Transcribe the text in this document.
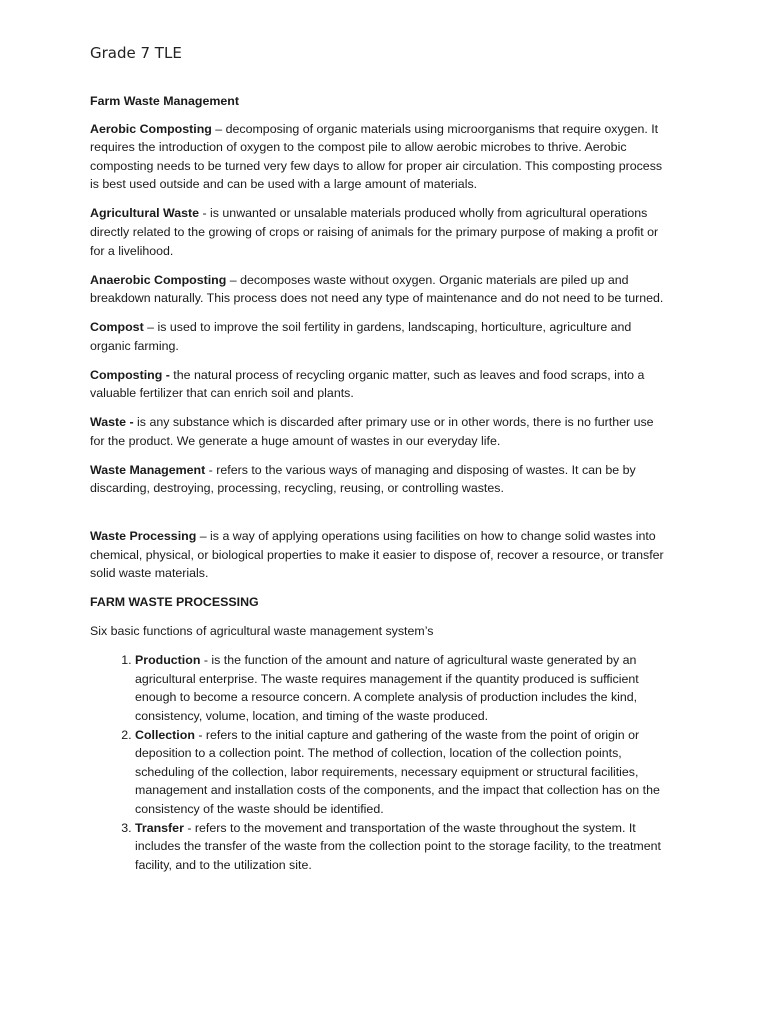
Grade 7 TLE

Farm Waste Management

Aerobic Composting – decomposing of organic materials using microorganisms that require oxygen. It requires the introduction of oxygen to the compost pile to allow aerobic microbes to thrive. Aerobic composting needs to be turned very few days to allow for proper air circulation. This composting process is best used outside and can be used with a large amount of materials.

Agricultural Waste - is unwanted or unsalable materials produced wholly from agricultural operations directly related to the growing of crops or raising of animals for the primary purpose of making a profit or for a livelihood.

Anaerobic Composting – decomposes waste without oxygen. Organic materials are piled up and breakdown naturally. This process does not need any type of maintenance and do not need to be turned.

Compost – is used to improve the soil fertility in gardens, landscaping, horticulture, agriculture and organic farming.

Composting - the natural process of recycling organic matter, such as leaves and food scraps, into a valuable fertilizer that can enrich soil and plants.

Waste - is any substance which is discarded after primary use or in other words, there is no further use for the product. We generate a huge amount of wastes in our everyday life.

Waste Management - refers to the various ways of managing and disposing of wastes. It can be by discarding, destroying, processing, recycling, reusing, or controlling wastes.

Waste Processing – is a way of applying operations using facilities on how to change solid wastes into chemical, physical, or biological properties to make it easier to dispose of, recover a resource, or transfer solid waste materials.

FARM WASTE PROCESSING

Six basic functions of agricultural waste management system’s

1. Production - is the function of the amount and nature of agricultural waste generated by an agricultural enterprise. The waste requires management if the quantity produced is sufficient enough to become a resource concern. A complete analysis of production includes the kind, consistency, volume, location, and timing of the waste produced.
2. Collection - refers to the initial capture and gathering of the waste from the point of origin or deposition to a collection point. The method of collection, location of the collection points, scheduling of the collection, labor requirements, necessary equipment or structural facilities, management and installation costs of the components, and the impact that collection has on the consistency of the waste should be identified.
3. Transfer - refers to the movement and transportation of the waste throughout the system. It includes the transfer of the waste from the collection point to the storage facility, to the treatment facility, and to the utilization site.
